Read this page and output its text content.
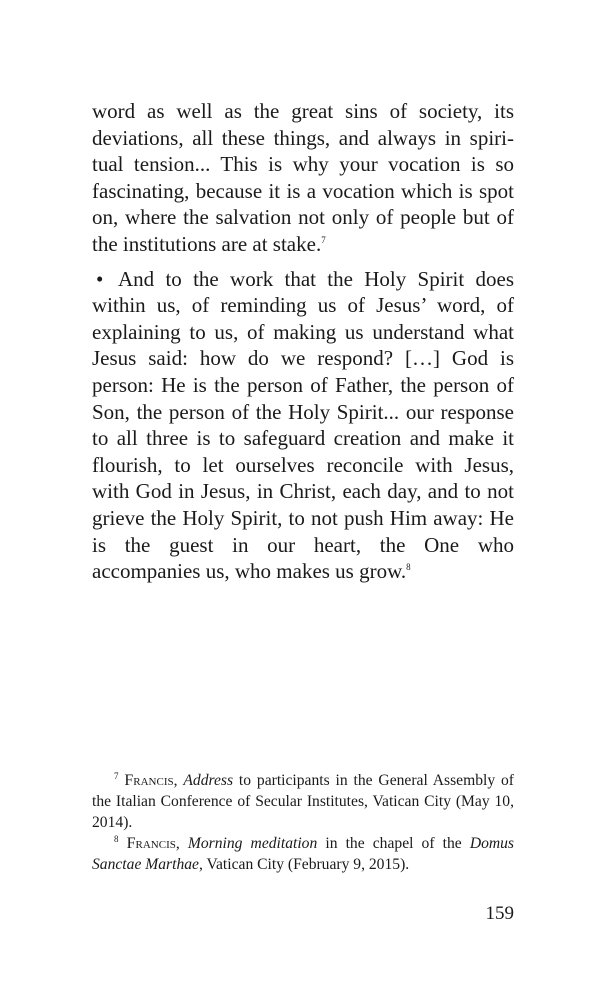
word as well as the great sins of society, its deviations, all these things, and always in spiritual tension... This is why your vocation is so fascinating, because it is a vocation which is spot on, where the salvation not only of people but of the institutions are at stake.$^7$

• And to the work that the Holy Spirit does within us, of reminding us of Jesus’ word, of explaining to us, of making us understand what Jesus said: how do we respond? […] God is person: He is the person of Father, the person of Son, the person of the Holy Spirit... our response to all three is to safeguard creation and make it flourish, to let ourselves reconcile with Jesus, with God in Jesus, in Christ, each day, and to not grieve the Holy Spirit, to not push Him away: He is the guest in our heart, the One who accompanies us, who makes us grow.$^8$

$^7$ Francis, Address to participants in the General Assembly of the Italian Conference of Secular Institutes, Vatican City (May 10, 2014).

$^8$ Francis, Morning meditation in the chapel of the Domus Sanctae Marthae, Vatican City (February 9, 2015).

159
